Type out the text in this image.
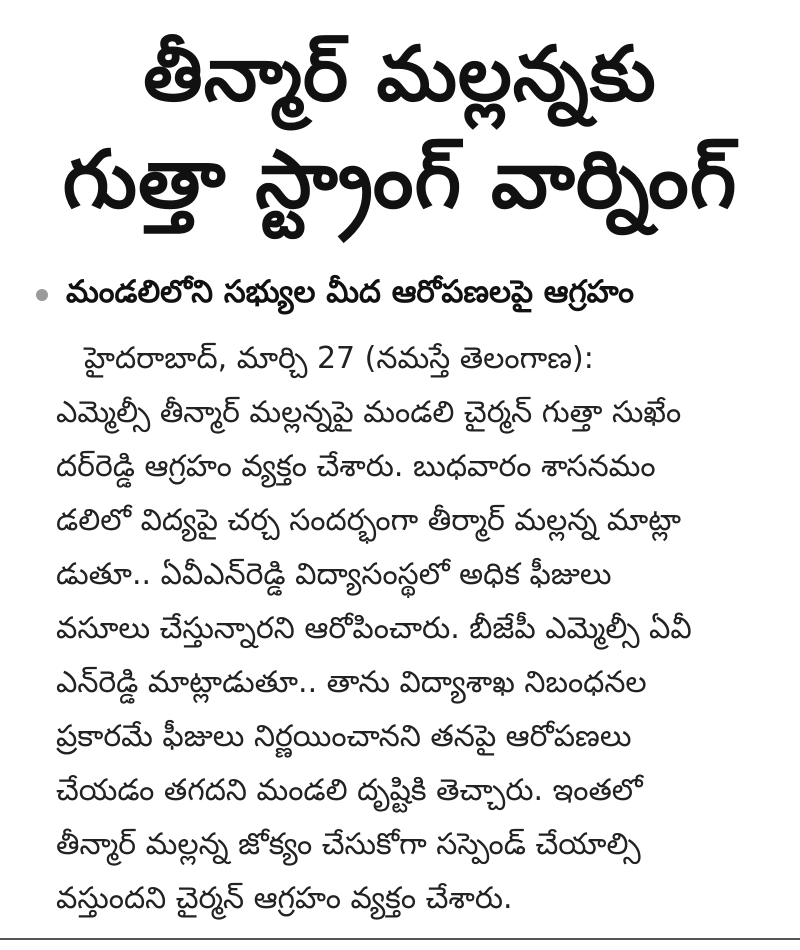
తీన్మార్ మల్లన్నకు
గుత్తా స్ట్రాంగ్ వార్నింగ్
మండలిలోని సభ్యుల మీద ఆరోపణలపై ఆగ్రహం
హైదరాబాద్, మార్చి 27 (నమస్తే తెలంగాణ):
ఎమ్మెల్సీ తీన్మార్ మల్లన్నపై మండలి చైర్మన్ గుత్తా సుఖేం
దర్‌రెడ్డి ఆగ్రహం వ్యక్తం చేశారు. బుధవారం శాసనమం
డలిలో విద్యపై చర్చ సందర్భంగా తీర్మార్ మల్లన్న మాట్లా
డుతూ.. ఏవీఎన్‌రెడ్డి విద్యాసంస్థలో అధిక ఫీజులు
వసూలు చేస్తున్నారని ఆరోపించారు. బీజేపీ ఎమ్మెల్సీ ఏవీ
ఎన్‌రెడ్డి మాట్లాడుతూ.. తాను విద్యాశాఖ నిబంధనల
ప్రకారమే ఫీజులు నిర్ణయించానని తనపై ఆరోపణలు
చేయడం తగదని మండలి దృష్టికి తెచ్చారు. ఇంతలో
తీన్మార్ మల్లన్న జోక్యం చేసుకోగా సస్పెండ్ చేయాల్సి
వస్తుందని చైర్మన్ ఆగ్రహం వ్యక్తం చేశారు.
